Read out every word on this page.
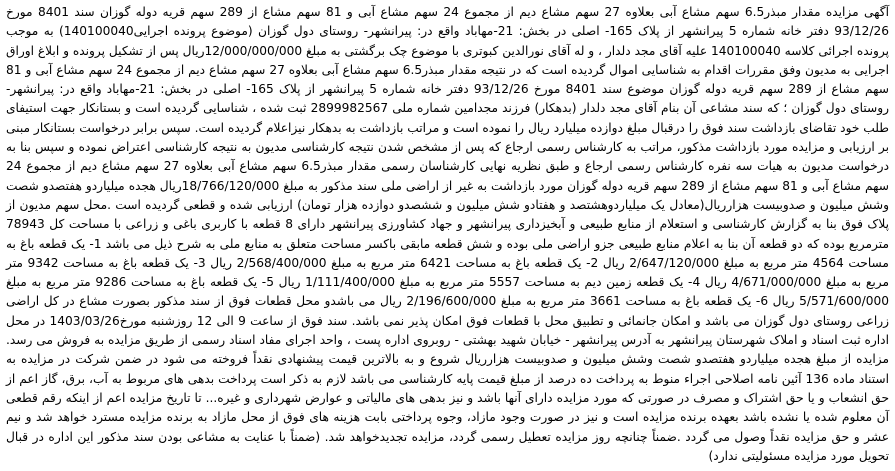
آگهی مزایده مقدار مبذر6.5 سهم مشاع آبی بعلاوه 27 سهم مشاع دیم از مجموع 24 سهم مشاع آبی و 81 سهم مشاع از 289 سهم قریه دوله گوزان سند 8401 مورخ 93/12/26 دفتر خانه شماره 5 پیرانشهر از پلاک 165- اصلی در بخش: 21-مهاباد واقع در: پیرانشهر- روستای دول گوزان (موضوع پرونده اجرایی140100040) به موجب پرونده اجرائی کلاسه 140100040 علیه آقای مجد دلدار ، و له آقای نورالدین کبوتری با موضوع چک برگشتی به مبلغ 12/000/000/000ریال پس از تشکیل پرونده و ابلاغ اوراق اجرایی به مدیون وفق مقررات اقدام به شناسایی اموال گردیده است که در نتیجه مقدار مبذر6.5 سهم مشاع آبی بعلاوه 27 سهم مشاع دیم از مجموع 24 سهم مشاع آبی و 81 سهم مشاع از 289 سهم قریه دوله گوزان موضوع سند 8401 مورخ 93/12/26 دفتر خانه شماره 5 پیرانشهر از پلاک 165- اصلی در بخش: 21-مهاباد واقع در: پیرانشهر- روستای دول گوزان ؛ که سند مشاعی آن بنام آقای مجد دلدار (بدهکار) فرزند مجدامین شماره ملی 2899982567 ثبت شده ، شناسایی گردیده است و بستانکار جهت استیفای طلب خود تقاضای بازداشت سند فوق را درقبال مبلغ دوازده میلیارد ریال را نموده است و مراتب بازداشت به بدهکار نیزاعلام گردیده است. سپس برابر درخواست بستانکار مبنی بر ارزیابی و مزایده مورد بازداشت مذکور، مراتب به کارشناس رسمی ارجاع که پس از مشخص شدن نتیجه کارشناسی مدیون به نتیجه کارشناسی اعتراض نموده و سپس بنا به درخواست مدیون به هیات سه نفره کارشناس رسمی ارجاع و طبق نظریه نهایی کارشناسان رسمی مقدار مبذر6.5 سهم مشاع آبی بعلاوه 27 سهم مشاع دیم از مجموع 24 سهم مشاع آبی و 81 سهم مشاع از 289 سهم قریه دوله گوزان مورد بازداشت به غیر از اراضی ملی سند مذکور به مبلغ 18/766/120/000ریال هجده میلیاردو هفتصدو شصت وشش میلیون و صدوبیست هزارریال(معادل یک میلیاردوهشتصد و هفتادو شش میلیون و ششصدو دوازده هزار تومان) ارزیابی شده و قطعی گردیده است .محل سهم مدیون از پلاک فوق بنا به گزارش کارشناسی و استعلام از منابع طبیعی و آبخیزداری پیرانشهر و جهاد کشاورزی پیرانشهر دارای 8 قطعه با کاربری باغی و زراعی با مساحت کل 78943 مترمربع بوده که دو قطعه آن بنا به اعلام منابع طبیعی جزو اراضی ملی بوده و شش قطعه مابقی باکسر مساحت متعلق به منابع ملی به شرح ذیل می باشد 1- یک قطعه باغ به مساحت 4564 متر مربع به مبلغ 2/647/120/000 ریال 2- یک قطعه باغ به مساحت 6421 متر مربع به مبلغ 2/568/400/000 ریال 3- یک قطعه باغ به مساحت 9342 متر مربع به مبلغ 4/671/000/000 ریال 4- یک قطعه زمین دیم به مساحت 5557 متر مربع به مبلغ 1/111/400/000 ریال 5- یک قطعه باغ به مساحت 9286 متر مربع به مبلغ 5/571/600/000 ریال 6- یک قطعه باغ به مساحت 3661 متر مربع به مبلغ 2/196/600/000 ریال می باشدو محل قطعات فوق از سند مذکور بصورت مشاع در کل اراضی زراعی روستای دول گوزان می باشد و امکان جانمائی و تطبیق محل با قطعات فوق امکان پذیر نمی باشد. سند فوق از ساعت 9 الی 12 روزشنبه مورخ1403/03/26 در محل اداره ثبت اسناد و املاک شهرستان پیرانشهر به آدرس پیرانشهر - خیابان شهید بهشتی - روبروی اداره پست ، واحد اجرای مفاد اسناد رسمی از طریق مزایده به فروش می رسد. مزایده از مبلغ هجده میلیاردو هفتصدو شصت وشش میلیون و صدوبیست هزارریال شروع و به بالاترین قیمت پیشنهادی نقداً فروخته می شود در ضمن شرکت در مزایده به استناد ماده 136 آئین نامه اصلاحی اجراء منوط به پرداخت ده درصد از مبلغ قیمت پایه کارشناسی می باشد لازم به ذکر است پرداخت بدهی های مربوط به آب، برق، گاز اعم از حق انشعاب و یا حق اشتراک و مصرف در صورتی که مورد مزایده دارای آنها باشد و نیز بدهی های مالیاتی و عوارض شهرداری و غیره... تا تاریخ مزایده اعم از اینکه رقم قطعی آن معلوم شده یا نشده باشد بعهده برنده مزایده است و نیز در صورت وجود مازاد، وجوه پرداختی بابت هزینه های فوق از محل مازاد به برنده مزایده مسترد خواهد شد و نیم عشر و حق مزایده نقداً وصول می گردد .ضمناً چنانچه روز مزایده تعطیل رسمی گردد، مزایده تجدیدخواهد شد. (ضمناً با عنایت به مشاعی بودن سند مذکور این اداره در قبال تحویل مورد مزایده مسئولیتی ندارد)
